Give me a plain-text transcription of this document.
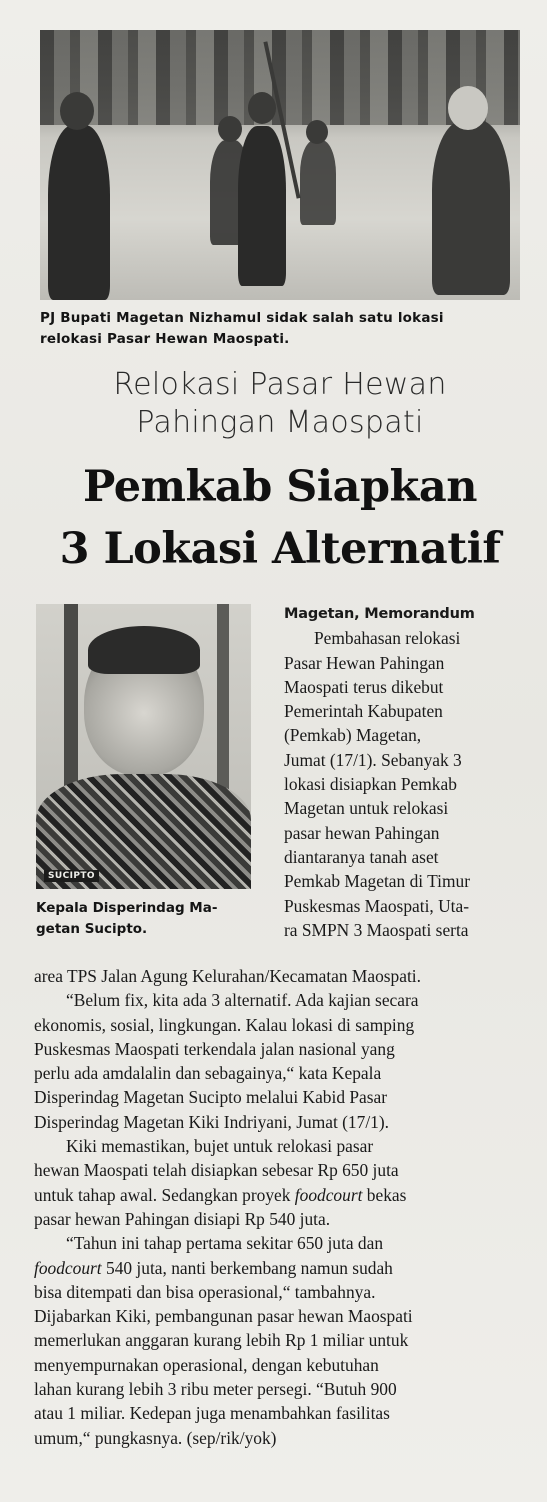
PJ Bupati Magetan Nizhamul sidak salah satu lokasi
relokasi Pasar Hewan Maospati.
Relokasi Pasar Hewan
Pahingan Maospati
Pemkab Siapkan
3 Lokasi Alternatif
SUCIPTO
Kepala Disperindag Ma-
getan Sucipto.
Magetan, Memorandum
Pembahasan relokasi
Pasar Hewan Pahingan
Maospati terus dikebut
Pemerintah Kabupaten
(Pemkab) Magetan,
Jumat (17/1). Sebanyak 3
lokasi disiapkan Pemkab
Magetan untuk relokasi
pasar hewan Pahingan
diantaranya tanah aset
Pemkab Magetan di Timur
Puskesmas Maospati, Uta-
ra SMPN 3 Maospati serta
area TPS Jalan Agung Kelurahan/Kecamatan Maospati.
“Belum fix, kita ada 3 alternatif. Ada kajian secara
ekonomis, sosial, lingkungan. Kalau lokasi di samping
Puskesmas Maospati terkendala jalan nasional yang
perlu ada amdalalin dan sebagainya,“ kata Kepala
Disperindag Magetan Sucipto melalui Kabid Pasar
Disperindag Magetan Kiki Indriyani, Jumat (17/1).
Kiki memastikan, bujet untuk relokasi pasar
hewan Maospati telah disiapkan sebesar Rp 650 juta
untuk tahap awal. Sedangkan proyek foodcourt bekas
pasar hewan Pahingan disiapi Rp 540 juta.
“Tahun ini tahap pertama sekitar 650 juta dan
foodcourt 540 juta, nanti berkembang namun sudah
bisa ditempati dan bisa operasional,“ tambahnya.
Dijabarkan Kiki, pembangunan pasar hewan Maospati
memerlukan anggaran kurang lebih Rp 1 miliar untuk
menyempurnakan operasional, dengan kebutuhan
lahan kurang lebih 3 ribu meter persegi. “Butuh 900
atau 1 miliar. Kedepan juga menambahkan fasilitas
umum,“ pungkasnya. (sep/rik/yok)
